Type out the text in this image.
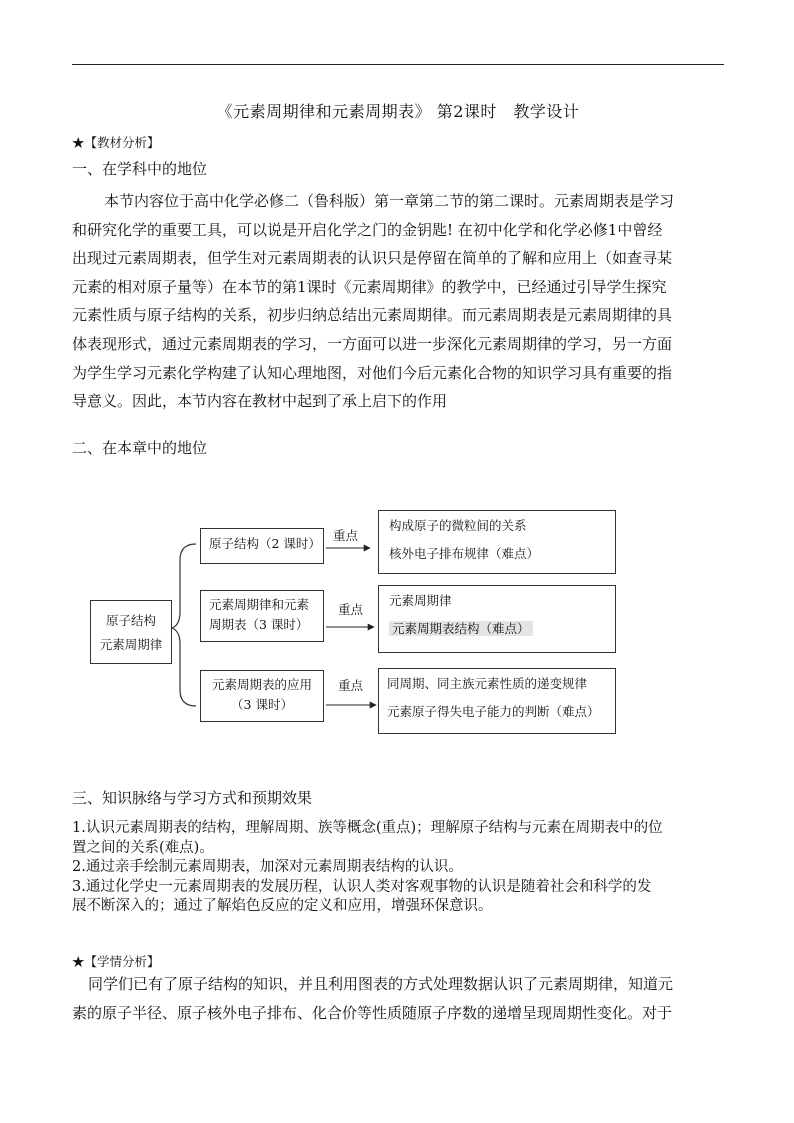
《元素周期律和元素周期表》 第2课时　教学设计
★【教材分析】
一、在学科中的地位

本节内容位于高中化学必修二（鲁科版）第一章第二节的第二课时。元素周期表是学习

和研究化学的重要工具，可以说是开启化学之门的金钥匙! 在初中化学和化学必修1中曾经

出现过元素周期表，但学生对元素周期表的认识只是停留在简单的了解和应用上（如查寻某

元素的相对原子量等）在本节的第1课时《元素周期律》的教学中，已经通过引导学生探究

元素性质与原子结构的关系，初步归纳总结出元素周期律。而元素周期表是元素周期律的具

体表现形式，通过元素周期表的学习，一方面可以进一步深化元素周期律的学习，另一方面

为学生学习元素化学构建了认知心理地图，对他们今后元素化合物的知识学习具有重要的指

导意义。因此，本节内容在教材中起到了承上启下的作用

二、在本章中的地位
原子结构
元素周期律
原子结构（2 课时）
重点
构成原子的微粒间的关系
核外电子排布规律（难点）
元素周期律和元素
周期表（3 课时）
重点
元素周期律
元素周期表结构（难点）
元素周期表的应用
（3 课时）
重点 同周期、同主族元素性质的递变规律
元素原子得失电子能力的判断（难点）
三、知识脉络与学习方式和预期效果

1.认识元素周期表的结构，理解周期、族等概念(重点)；理解原子结构与元素在周期表中的位

置之间的关系(难点)。

2.通过亲手绘制元素周期表，加深对元素周期表结构的认识。

3.通过化学史一元素周期表的发展历程，认识人类对客观事物的认识是随着社会和科学的发

展不断深入的；通过了解焰色反应的定义和应用，增强环保意识。

★【学情分析】

同学们已有了原子结构的知识，并且利用图表的方式处理数据认识了元素周期律，知道元

素的原子半径、原子核外电子排布、化合价等性质随原子序数的递增呈现周期性变化。对于
